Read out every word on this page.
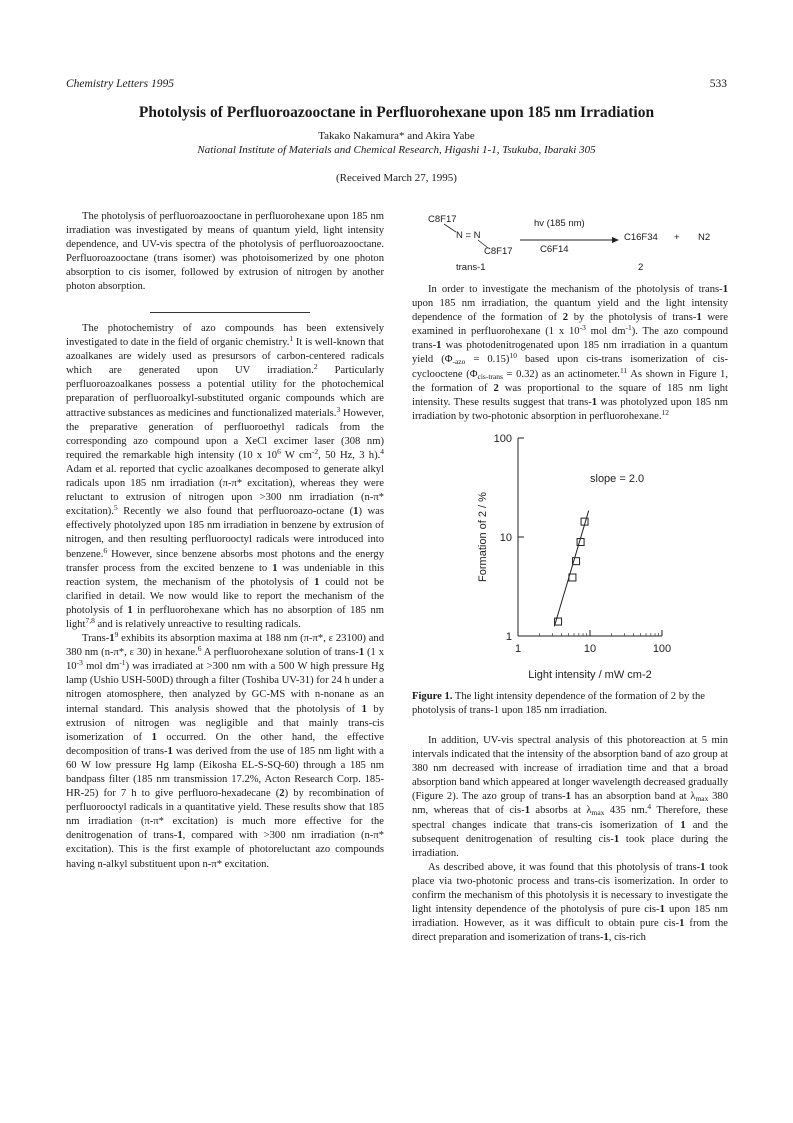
Chemistry Letters 1995	533
Photolysis of Perfluoroazooctane in Perfluorohexane upon 185 nm Irradiation
Takako Nakamura* and Akira Yabe
National Institute of Materials and Chemical Research, Higashi 1-1, Tsukuba, Ibaraki 305
(Received March 27, 1995)

The photolysis of perfluoroazooctane in perfluorohexane upon 185 nm irradiation was investigated by means of quantum yield, light intensity dependence, and UV-vis spectra of the photolysis of perfluoroazooctane. Perfluoroazooctane (trans isomer) was photoisomerized by one photon absorption to cis isomer, followed by extrusion of nitrogen by another photon absorption.

The photochemistry of azo compounds has been extensively investigated to date in the field of organic chemistry.$^1$ It is well-known that azoalkanes are widely used as presursors of carbon-centered radicals which are generated upon UV irradiation.$^2$ Particularly perfluoroazoalkanes possess a potential utility for the photochemical preparation of perfluoroalkyl-substituted organic compounds which are attractive substances as medicines and functionalized materials.$^3$ However, the preparative generation of perfluoroethyl radicals from the corresponding azo compound upon a XeCl excimer laser (308 nm) required the remarkable high intensity (10 x $10^6$ W $cm^{-2}$, 50 Hz, 3 h).$^4$ Adam et al. reported that cyclic azoalkanes decomposed to generate alkyl radicals upon 185 nm irradiation (π-π* excitation), whereas they were reluctant to extrusion of nitrogen upon >300 nm irradiation (n-π* excitation).$^5$ Recently we also found that perfluoroazo-octane (1) was effectively photolyzed upon 185 nm irradiation in benzene by extrusion of nitrogen, and then resulting perfluorooctyl radicals were introduced into benzene.$^6$ However, since benzene absorbs most photons and the energy transfer process from the excited benzene to 1 was undeniable in this reaction system, the mechanism of the photolysis of 1 could not be clarified in detail. We now would like to report the mechanism of the photolysis of 1 in perfluorohexane which has no absorption of 185 nm light$^{7,8}$ and is relatively unreactive to resulting radicals.

Trans-$1^9$ exhibits its absorption maxima at 188 nm (π-π*, ε 23100) and 380 nm (n-π*, ε 30) in hexane.$^6$ A perfluorohexane solution of trans-1 (1 x $10^{-3}$ mol $dm^{-1}$) was irradiated at >300 nm with a 500 W high pressure Hg lamp (Ushio USH-500D) through a filter (Toshiba UV-31) for 24 h under a nitrogen atomosphere, then analyzed by GC-MS with n-nonane as an internal standard. This analysis showed that the photolysis of 1 by extrusion of nitrogen was negligible and that mainly trans-cis isomerization of 1 occurred. On the other hand, the effective decomposition of trans-1 was derived from the use of 185 nm light with a 60 W low pressure Hg lamp (Eikosha EL-S-SQ-60) through a 185 nm bandpass filter (185 nm transmission 17.2%, Acton Research Corp. 185-HR-25) for 7 h to give perfluoro-hexadecane (2) by recombination of perfluorooctyl radicals in a quantitative yield. These results show that 185 nm irradiation (π-π* excitation) is much more effective for the denitrogenation of trans-1, compared with >300 nm irradiation (n-π* excitation). This is the first example of photoreluctant azo compounds having n-alkyl substituent upon n-π* excitation.

C8F17
N = N
C8F17
trans-1
hv (185 nm)
C6F14
C16F34 + N2
2

In order to investigate the mechanism of the photolysis of trans-1 upon 185 nm irradiation, the quantum yield and the light intensity dependence of the formation of 2 by the photolysis of trans-1 were examined in perfluorohexane (1 x $10^{-3}$ mol $dm^{-1}$). The azo compound trans-1 was photodenitrogenated upon 185 nm irradiation in a quantum yield $(\Phi_{-azo} = 0.15)^{10}$ based upon cis-trans isomerization of cis-cyclooctene $(\Phi_{cis-trans} = 0.32)$ as an actinometer.$^{11}$ As shown in Figure 1, the formation of 2 was proportional to the square of 185 nm light intensity. These results suggest that trans-1 was photolyzed upon 185 nm irradiation by two-photonic absorption in perfluorohexane.$^{12}$

1	10	100
1
10
100
slope = 2.0
Light intensity / mW cm-2
Formation of 2 / %
Figure 1. The light intensity dependence of the formation of 2 by the photolysis of trans-1 upon 185 nm irradiation.

In addition, UV-vis spectral analysis of this photoreaction at 5 min intervals indicated that the intensity of the absorption band of azo group at 380 nm decreased with increase of irradiation time and that a broad absorption band which appeared at longer wavelength decreased gradually (Figure 2). The azo group of trans-1 has an absorption band at $\lambda_{max}$ 380 nm, whereas that of cis-1 absorbs at $\lambda_{max}$ 435 nm.$^4$ Therefore, these spectral changes indicate that trans-cis isomerization of 1 and the subsequent denitrogenation of resulting cis-1 took place during the irradiation.

As described above, it was found that this photolysis of trans-1 took place via two-photonic process and trans-cis isomerization. In order to confirm the mechanism of this photolysis it is necessary to investigate the light intensity dependence of the photolysis of pure cis-1 upon 185 nm irradiation. However, as it was difficult to obtain pure cis-1 from the direct preparation and isomerization of trans-1, cis-rich
